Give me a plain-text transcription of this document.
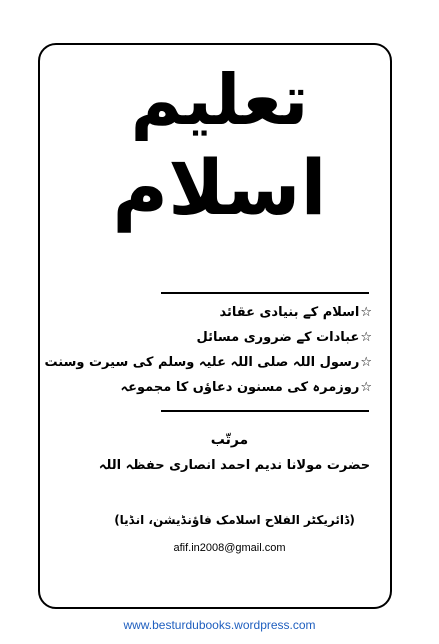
تعلیم
اسلام
☆اسلام کے بنیادی عقائد
☆عبادات کے ضروری مسائل
☆رسول اللہ صلی اللہ علیہ وسلم کی سیرت وسنت
☆روزمرہ کی مسنون دعاؤں کا مجموعہ
مرتّب
حضرت مولانا ندیم احمد انصاری حفظہ اللہ
(ڈائریکٹر الفلاح اسلامک فاؤنڈیشن، انڈیا)
afif.in2008@gmail.com
www.besturdubooks.wordpress.com
